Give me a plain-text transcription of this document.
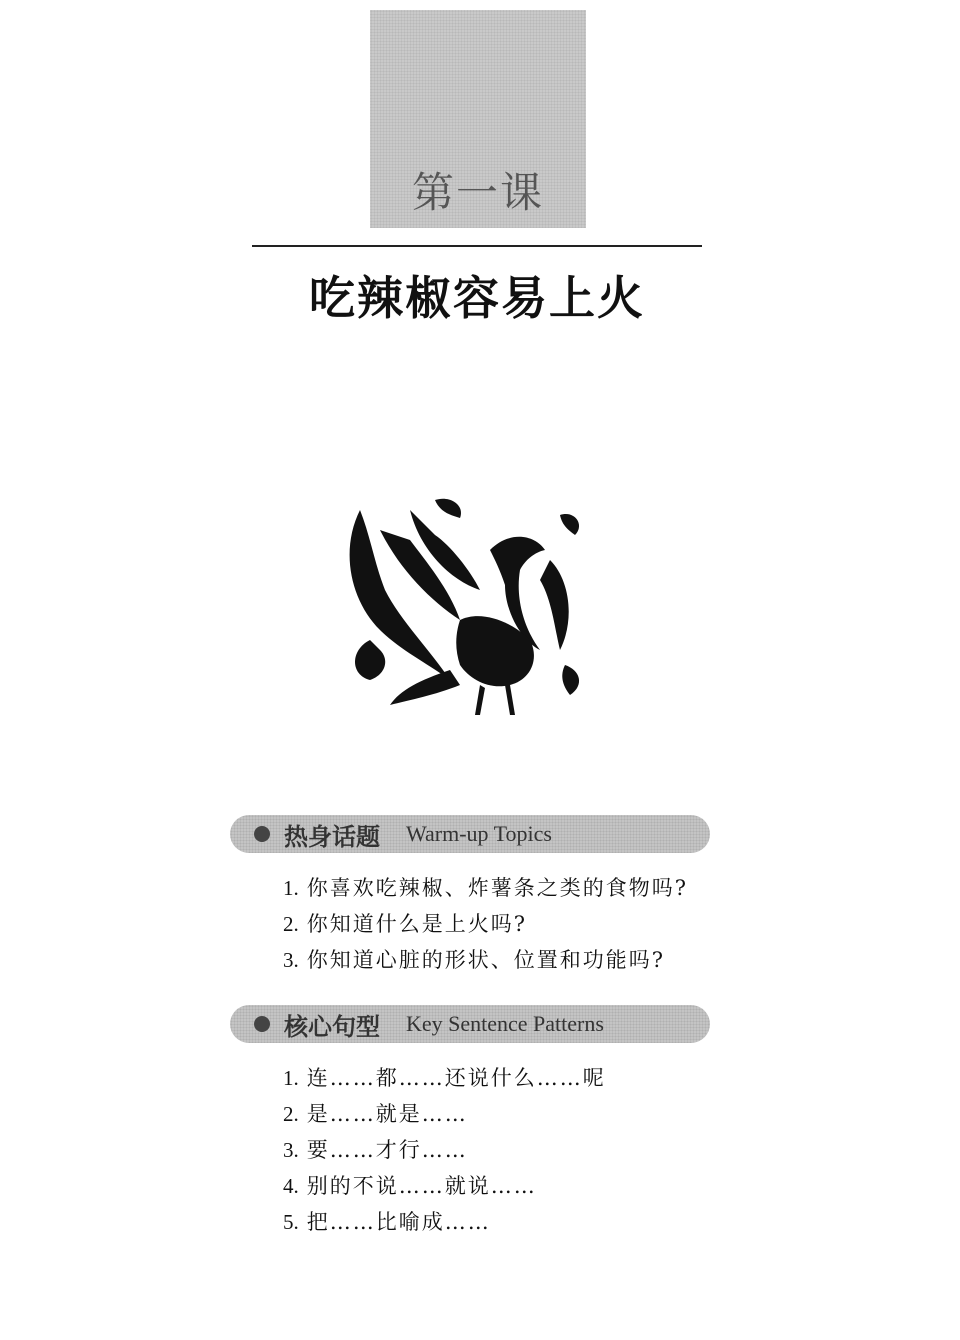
第一课
吃辣椒容易上火
热身话题 Warm-up Topics
1. 你喜欢吃辣椒、炸薯条之类的食物吗?
2. 你知道什么是上火吗?
3. 你知道心脏的形状、位置和功能吗?
核心句型 Key Sentence Patterns
1. 连……都……还说什么……呢
2. 是……就是……
3. 要……才行……
4. 别的不说……就说……
5. 把……比喻成……
